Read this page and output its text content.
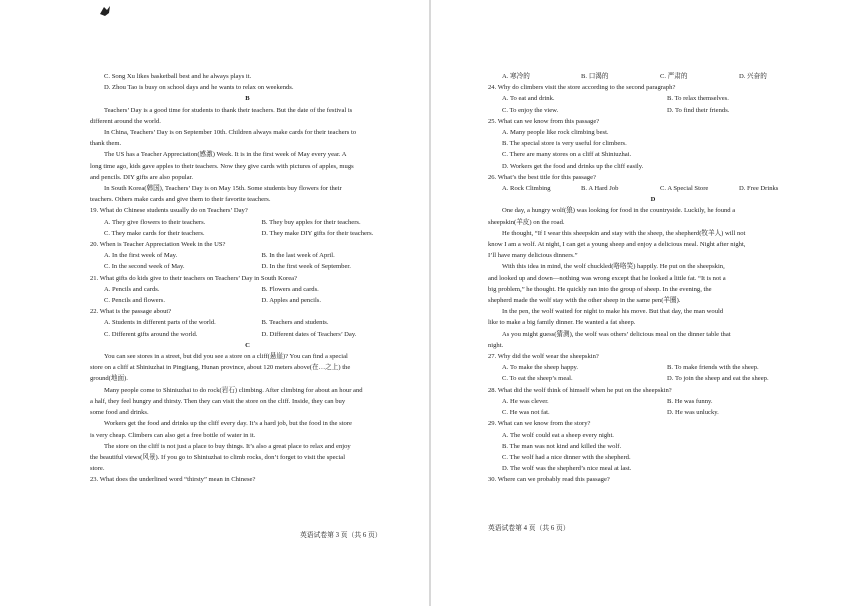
C. Song Xu likes basketball best and he always plays it.
D. Zhou Tao is busy on school days and he wants to relax on weekends.
B
Teachers’ Day is a good time for students to thank their teachers. But the date of the festival is
different around the world.
In China, Teachers’ Day is on September 10th. Children always make cards for their teachers to
thank them.
The US has a Teacher Appreciation(感激) Week. It is in the first week of May every year. A
long time ago, kids gave apples to their teachers. Now they give cards with pictures of apples, mugs
and pencils. DIY gifts are also popular.
In South Korea(韩国), Teachers’ Day is on May 15th. Some students buy flowers for their
teachers. Others make cards and give them to their favorite teachers.
19. What do Chinese students usually do on Teachers’ Day?
A. They give flowers to their teachers.	B. They buy apples for their teachers.
C. They make cards for their teachers.	D. They make DIY gifts for their teachers.
20. When is Teacher Appreciation Week in the US?
A. In the first week of May.	B. In the last week of April.
C. In the second week of May.	D. In the first week of September.
21. What gifts do kids give to their teachers on Teachers’ Day in South Korea?
A. Pencils and cards.	B. Flowers and cards.
C. Pencils and flowers.	D. Apples and pencils.
22. What is the passage about?
A. Students in different parts of the world.	B. Teachers and students.
C. Different gifts around the world.	D. Different dates of Teachers’ Day.
C
You can see stores in a street, but did you see a store on a cliff(悬崖)? You can find a special
store on a cliff at Shiniuzhai in Pingjiang, Hunan province, about 120 meters above(在…之上) the
ground(地面).
Many people come to Shiniuzhai to do rock(岩石) climbing. After climbing for about an hour and
a half, they feel hungry and thirsty. Then they can visit the store on the cliff. Inside, they can buy
some food and drinks.
Workers get the food and drinks up the cliff every day. It’s a hard job, but the food in the store
is very cheap. Climbers can also get a free bottle of water in it.
The store on the cliff is not just a place to buy things. It’s also a great place to relax and enjoy
the beautiful views(风景). If you go to Shiniuzhai to climb rocks, don’t forget to visit the special
store.
23. What does the underlined word “thirsty” mean in Chinese?
英语试卷第 3 页（共 6 页）
A. 寒冷的	B. 口渴的	C. 严肃的	D. 兴奋的
24. Why do climbers visit the store according to the second paragraph?
A. To eat and drink.	B. To relax themselves.
C. To enjoy the view.	D. To find their friends.
25. What can we know from this passage?
A. Many people like rock climbing best.
B. The special store is very useful for climbers.
C. There are many stores on a cliff at Shiniuzhai.
D. Workers get the food and drinks up the cliff easily.
26. What’s the best title for this passage?
A. Rock Climbing	B. A Hard Job	C. A Special Store	D. Free Drinks
D
One day, a hungry wolf(狼) was looking for food in the countryside. Luckily, he found a
sheepskin(羊皮) on the road.
He thought, “If I wear this sheepskin and stay with the sheep, the shepherd(牧羊人) will not
know I am a wolf. At night, I can get a young sheep and enjoy a delicious meal. Night after night,
I’ll have many delicious dinners.”
With this idea in mind, the wolf chuckled(咯咯笑) happily. He put on the sheepskin,
and looked up and down—nothing was wrong except that he looked a little fat. “It is not a
big problem,” he thought. He quickly ran into the group of sheep. In the evening, the
shepherd made the wolf stay with the other sheep in the same pen(羊圈).
In the pen, the wolf waited for night to make his move. But that day, the man would
like to make a big family dinner. He wanted a fat sheep.
As you might guess(猜测), the wolf was others’ delicious meal on the dinner table that
night.
27. Why did the wolf wear the sheepskin?
A. To make the sheep happy.	B. To make friends with the sheep.
C. To eat the sheep’s meal.	D. To join the sheep and eat the sheep.
28. What did the wolf think of himself when he put on the sheepskin?
A. He was clever.	B. He was funny.
C. He was not fat.	D. He was unlucky.
29. What can we know from the story?
A. The wolf could eat a sheep every night.
B. The man was not kind and killed the wolf.
C. The wolf had a nice dinner with the shepherd.
D. The wolf was the shepherd’s nice meal at last.
30. Where can we probably read this passage?
英语试卷第 4 页（共 6 页）
